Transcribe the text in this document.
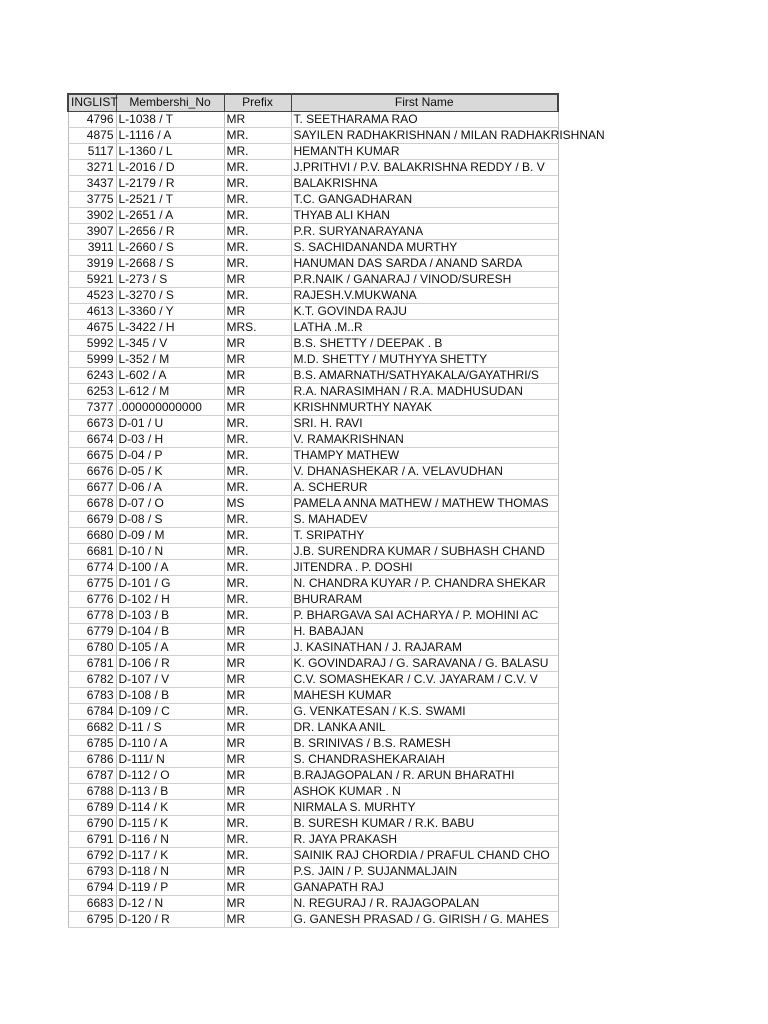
INGLIST	Membershi_No	Prefix	First Name
4796	L-1038 / T	MR	T. SEETHARAMA RAO
4875	L-1116 / A	MR.	SAYILEN RADHAKRISHNAN / MILAN RADHAKRISHNAN
5117	L-1360 / L	MR.	HEMANTH KUMAR
3271	L-2016 / D	MR.	J.PRITHVI / P.V. BALAKRISHNA REDDY / B. V
3437	L-2179 / R	MR.	BALAKRISHNA
3775	L-2521 / T	MR.	T.C. GANGADHARAN
3902	L-2651 / A	MR.	THYAB ALI KHAN
3907	L-2656 / R	MR.	P.R. SURYANARAYANA
3911	L-2660 / S	MR.	S. SACHIDANANDA MURTHY
3919	L-2668 / S	MR.	HANUMAN DAS SARDA / ANAND SARDA
5921	L-273 / S	MR	P.R.NAIK / GANARAJ / VINOD/SURESH
4523	L-3270 / S	MR.	RAJESH.V.MUKWANA
4613	L-3360 / Y	MR	K.T. GOVINDA RAJU
4675	L-3422 / H	MRS.	LATHA .M..R
5992	L-345 / V	MR	B.S. SHETTY / DEEPAK . B
5999	L-352 / M	MR	M.D. SHETTY / MUTHYYA SHETTY
6243	L-602 / A	MR	B.S. AMARNATH/SATHYAKALA/GAYATHRI/S
6253	L-612 / M	MR	R.A. NARASIMHAN / R.A. MADHUSUDAN
7377	.000000000000	MR	KRISHNMURTHY NAYAK
6673	D-01 / U	MR.	SRI. H. RAVI
6674	D-03 / H	MR.	V. RAMAKRISHNAN
6675	D-04 / P	MR.	THAMPY MATHEW
6676	D-05 / K	MR.	V. DHANASHEKAR / A. VELAVUDHAN
6677	D-06 / A	MR.	A. SCHERUR
6678	D-07 / O	MS	PAMELA ANNA MATHEW / MATHEW THOMAS
6679	D-08 / S	MR.	S. MAHADEV
6680	D-09 / M	MR.	T. SRIPATHY
6681	D-10 / N	MR.	J.B. SURENDRA KUMAR / SUBHASH CHAND
6774	D-100 / A	MR.	JITENDRA . P. DOSHI
6775	D-101 / G	MR.	N. CHANDRA KUYAR / P. CHANDRA SHEKAR
6776	D-102 / H	MR.	BHURARAM
6778	D-103 / B	MR.	P. BHARGAVA SAI ACHARYA / P. MOHINI AC
6779	D-104 / B	MR	H. BABAJAN
6780	D-105 / A	MR	J. KASINATHAN / J. RAJARAM
6781	D-106 / R	MR	K. GOVINDARAJ / G. SARAVANA / G. BALASU
6782	D-107 / V	MR	C.V. SOMASHEKAR / C.V. JAYARAM / C.V. V
6783	D-108 / B	MR	MAHESH KUMAR
6784	D-109 / C	MR.	G. VENKATESAN / K.S. SWAMI
6682	D-11 / S	MR	DR. LANKA ANIL
6785	D-110 / A	MR	B. SRINIVAS / B.S. RAMESH
6786	D-111/ N	MR	S. CHANDRASHEKARAIAH
6787	D-112 / O	MR	B.RAJAGOPALAN / R. ARUN BHARATHI
6788	D-113 / B	MR	ASHOK KUMAR . N
6789	D-114 / K	MR	NIRMALA S. MURHTY
6790	D-115 / K	MR.	B. SURESH KUMAR / R.K. BABU
6791	D-116 / N	MR.	R. JAYA PRAKASH
6792	D-117 / K	MR.	SAINIK RAJ CHORDIA / PRAFUL CHAND CHO
6793	D-118 / N	MR	P.S. JAIN / P. SUJANMALJAIN
6794	D-119 / P	MR	GANAPATH RAJ
6683	D-12 / N	MR	N. REGURAJ / R. RAJAGOPALAN
6795	D-120 / R	MR	G. GANESH PRASAD / G. GIRISH / G. MAHES
